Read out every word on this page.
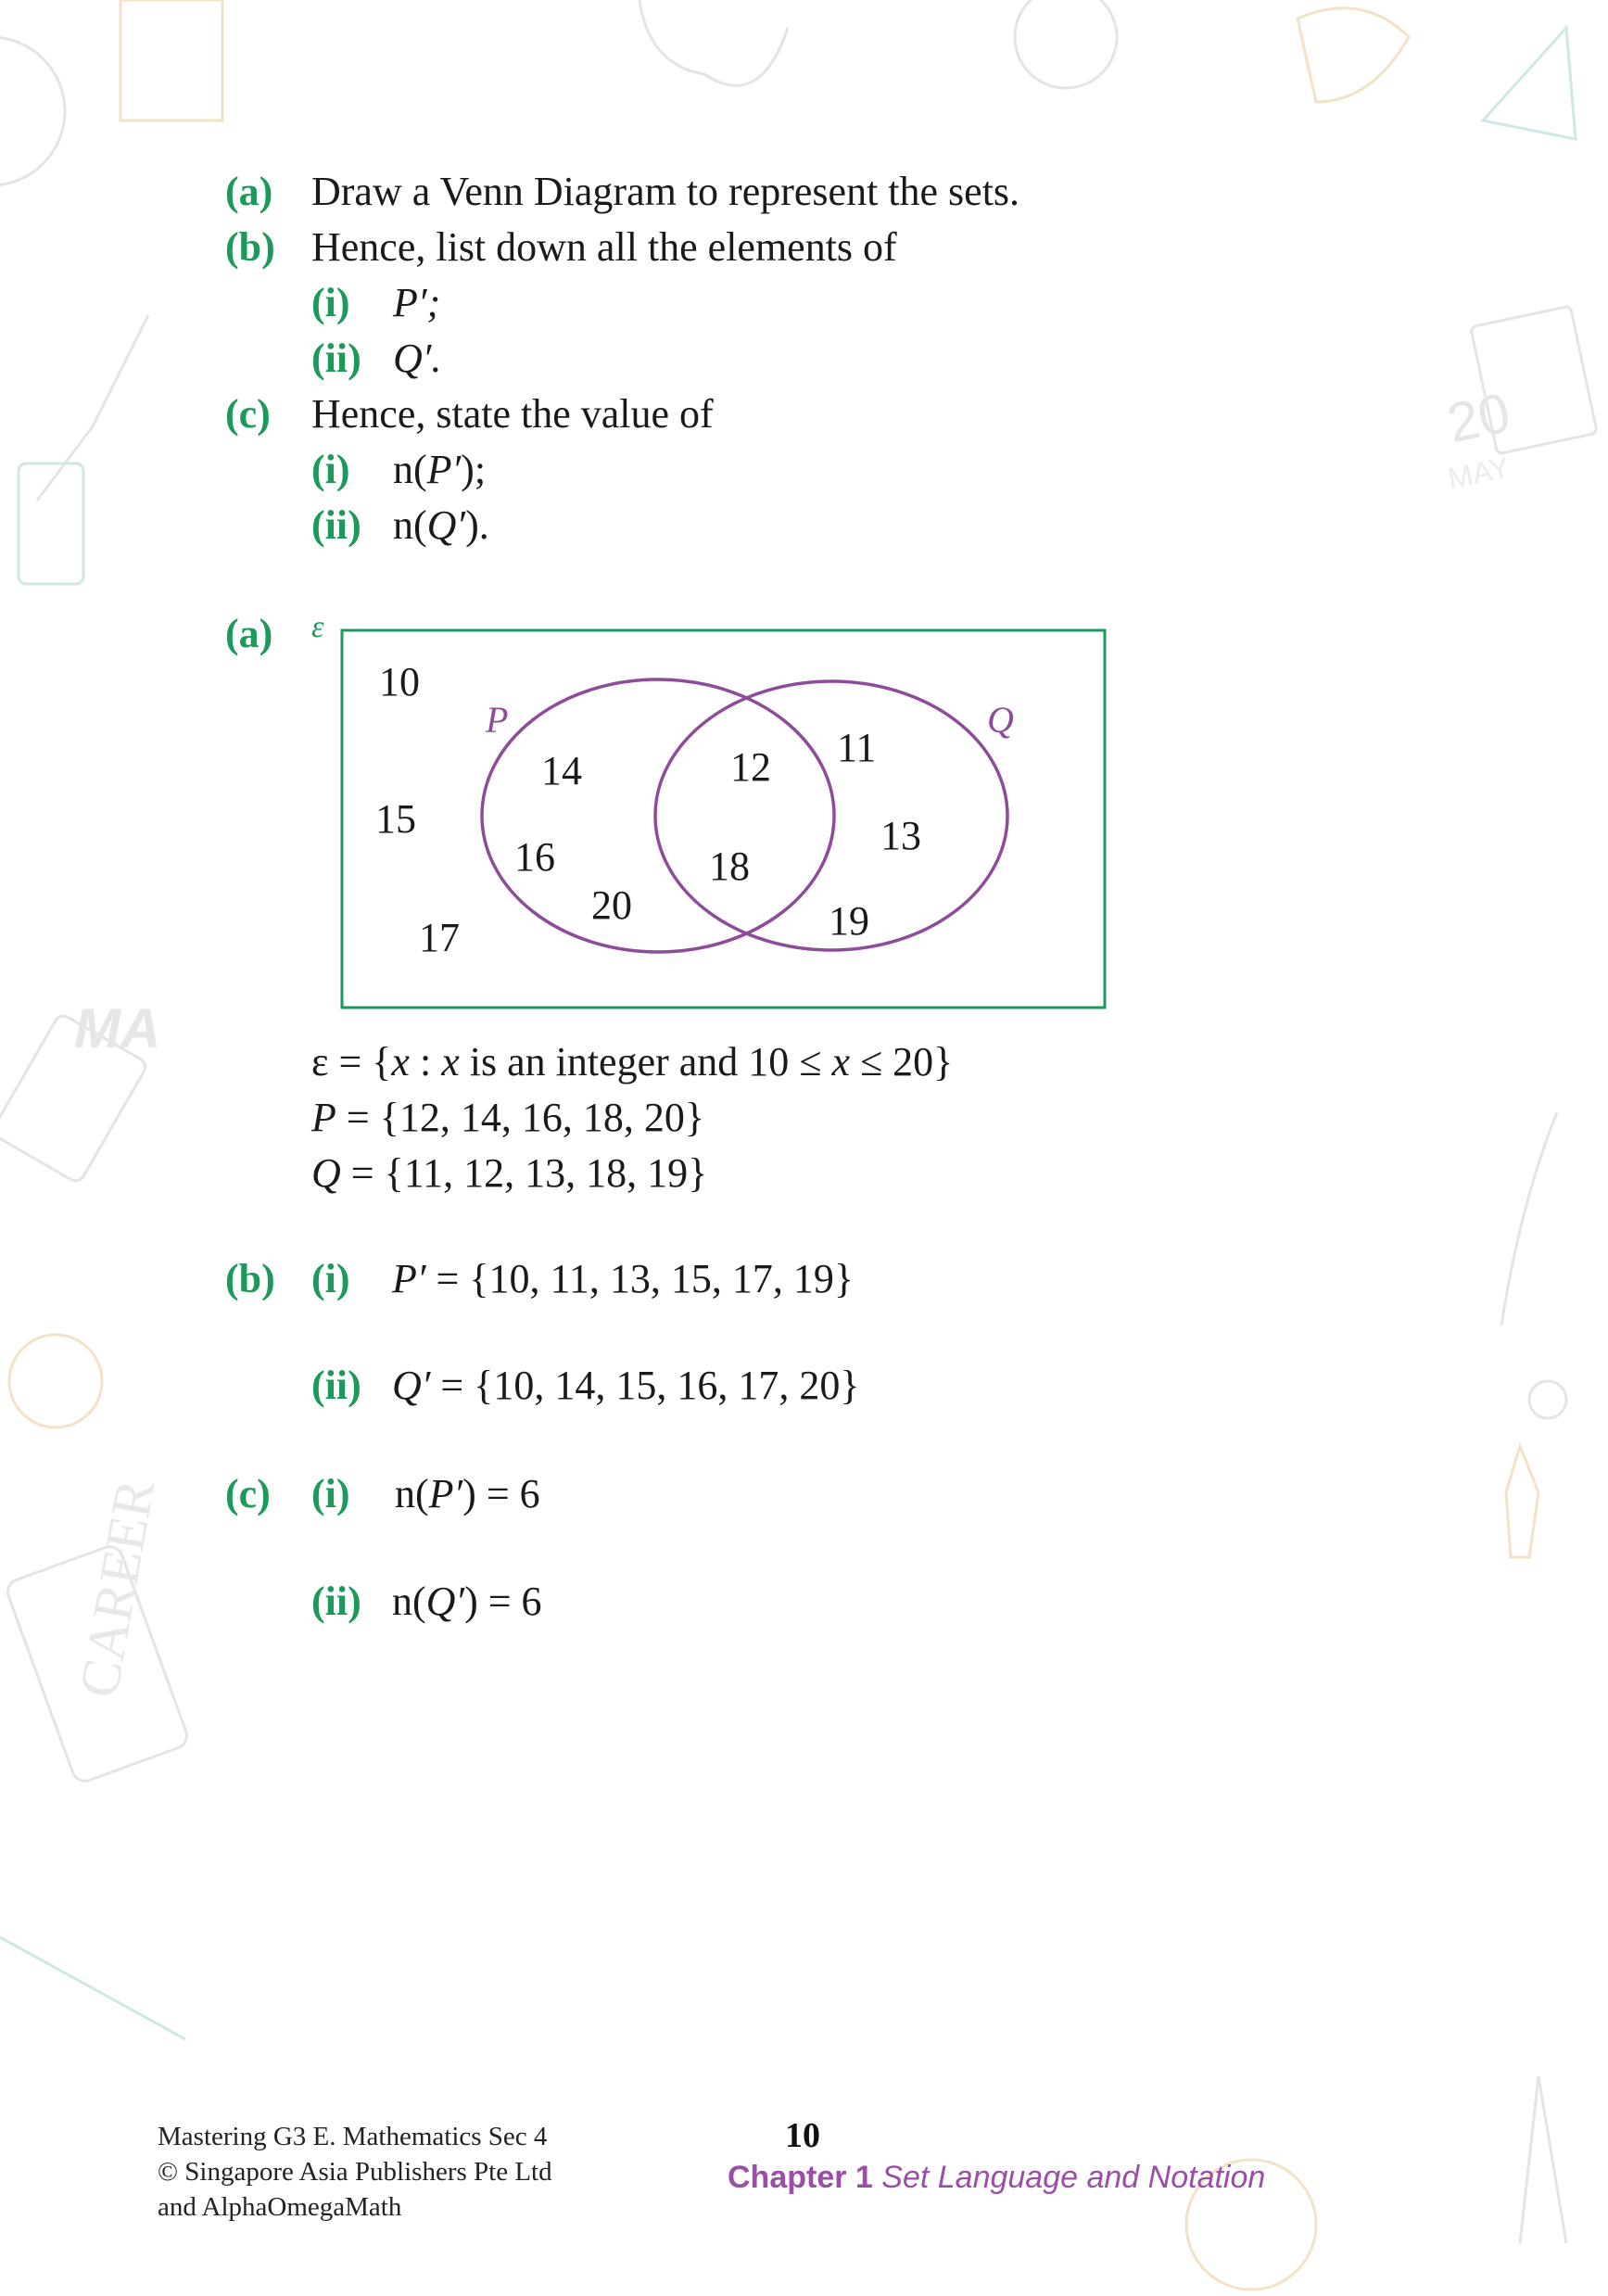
20
MAY
MA
CAREER
(a) Draw a Venn Diagram to represent the sets.
(b) Hence, list down all the elements of
(i) P′;
(ii) Q′.
(c) Hence, state the value of
(i) n(P′);
(ii) n(Q′).
(a) ε
P	Q
10
15
17
14
16
20
12
18
11
13
19
ε = {x : x is an integer and 10 ≤ x ≤ 20}
P = {12, 14, 16, 18, 20}
Q = {11, 12, 13, 18, 19}
(b) (i) P′ = {10, 11, 13, 15, 17, 19}
(ii) Q′ = {10, 14, 15, 16, 17, 20}
(c) (i) n(P′) = 6
(ii) n(Q′) = 6
Mastering G3 E. Mathematics Sec 4
© Singapore Asia Publishers Pte Ltd
and AlphaOmegaMath
10
Chapter 1 Set Language and Notation
